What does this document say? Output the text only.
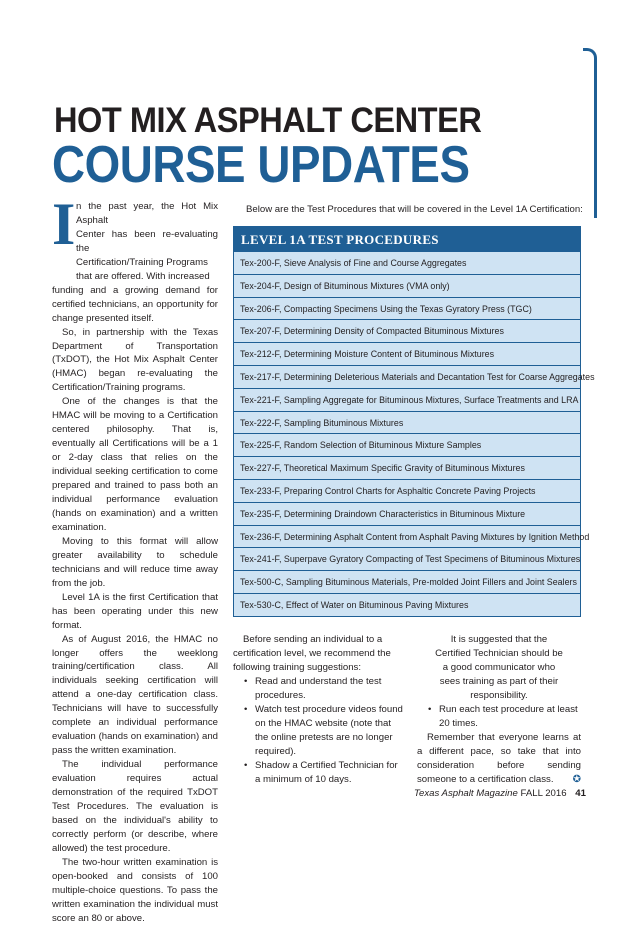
HOT MIX ASPHALT CENTER
COURSE UPDATES
I n the past year, the Hot Mix Asphalt

Center has been re-evaluating the

Certification/Training Programs

that are offered. With increased

funding and a growing demand for certified technicians, an opportunity for change presented itself.

So, in partnership with the Texas Department of Transportation (TxDOT), the Hot Mix Asphalt Center (HMAC) began re-evaluating the Certification/Training programs.

One of the changes is that the HMAC will be moving to a Certification centered philosophy. That is, eventually all Certifications will be a 1 or 2-day class that relies on the individual seeking certification to come prepared and trained to pass both an individual performance evaluation (hands on examination) and a written examination.

Moving to this format will allow greater availability to schedule technicians and will reduce time away from the job.

Level 1A is the first Certification that has been operating under this new format.

As of August 2016, the HMAC no longer offers the weeklong training/certification class. All individuals seeking certification will attend a one-day certification class. Technicians will have to successfully complete an individual performance evaluation (hands on examination) and pass the written examination.

The individual performance evaluation requires actual demonstration of the required TxDOT Test Procedures. The evaluation is based on the individual's ability to correctly perform (or describe, where allowed) the test procedure.

The two-hour written examination is open-booked and consists of 100 multiple-choice questions. To pass the written examination the individual must score an 80 or above.

Below are the Test Procedures that will be covered in the Level 1A Certification:
LEVEL 1A TEST PROCEDURES
Tex-200-F, Sieve Analysis of Fine and Course Aggregates
Tex-204-F, Design of Bituminous Mixtures (VMA only)
Tex-206-F, Compacting Specimens Using the Texas Gyratory Press (TGC)
Tex-207-F, Determining Density of Compacted Bituminous Mixtures
Tex-212-F, Determining Moisture Content of Bituminous Mixtures
Tex-217-F, Determining Deleterious Materials and Decantation Test for Coarse Aggregates
Tex-221-F, Sampling Aggregate for Bituminous Mixtures, Surface Treatments and LRA
Tex-222-F, Sampling Bituminous Mixtures
Tex-225-F, Random Selection of Bituminous Mixture Samples
Tex-227-F, Theoretical Maximum Specific Gravity of Bituminous Mixtures
Tex-233-F, Preparing Control Charts for Asphaltic Concrete Paving Projects
Tex-235-F, Determining Draindown Characteristics in Bituminous Mixture
Tex-236-F, Determining Asphalt Content from Asphalt Paving Mixtures by Ignition Method
Tex-241-F, Superpave Gyratory Compacting of Test Specimens of Bituminous Mixtures
Tex-500-C, Sampling Bituminous Materials, Pre-molded Joint Fillers and Joint Sealers
Tex-530-C, Effect of Water on Bituminous Paving Mixtures

Before sending an individual to a certification level, we recommend the following training suggestions:

• Read and understand the test procedures.
• Watch test procedure videos found on the HMAC website (note that the online pretests are no longer required).
• Shadow a Certified Technician for a minimum of 10 days.

It is suggested that the

Certified Technician should be

a good communicator who

sees training as part of their

responsibility.

• Run each test procedure at least 20 times.

Remember that everyone learns at a different pace, so take that into consideration before sending someone to a certification class.	✪

Texas Asphalt Magazine FALL 2016 41
